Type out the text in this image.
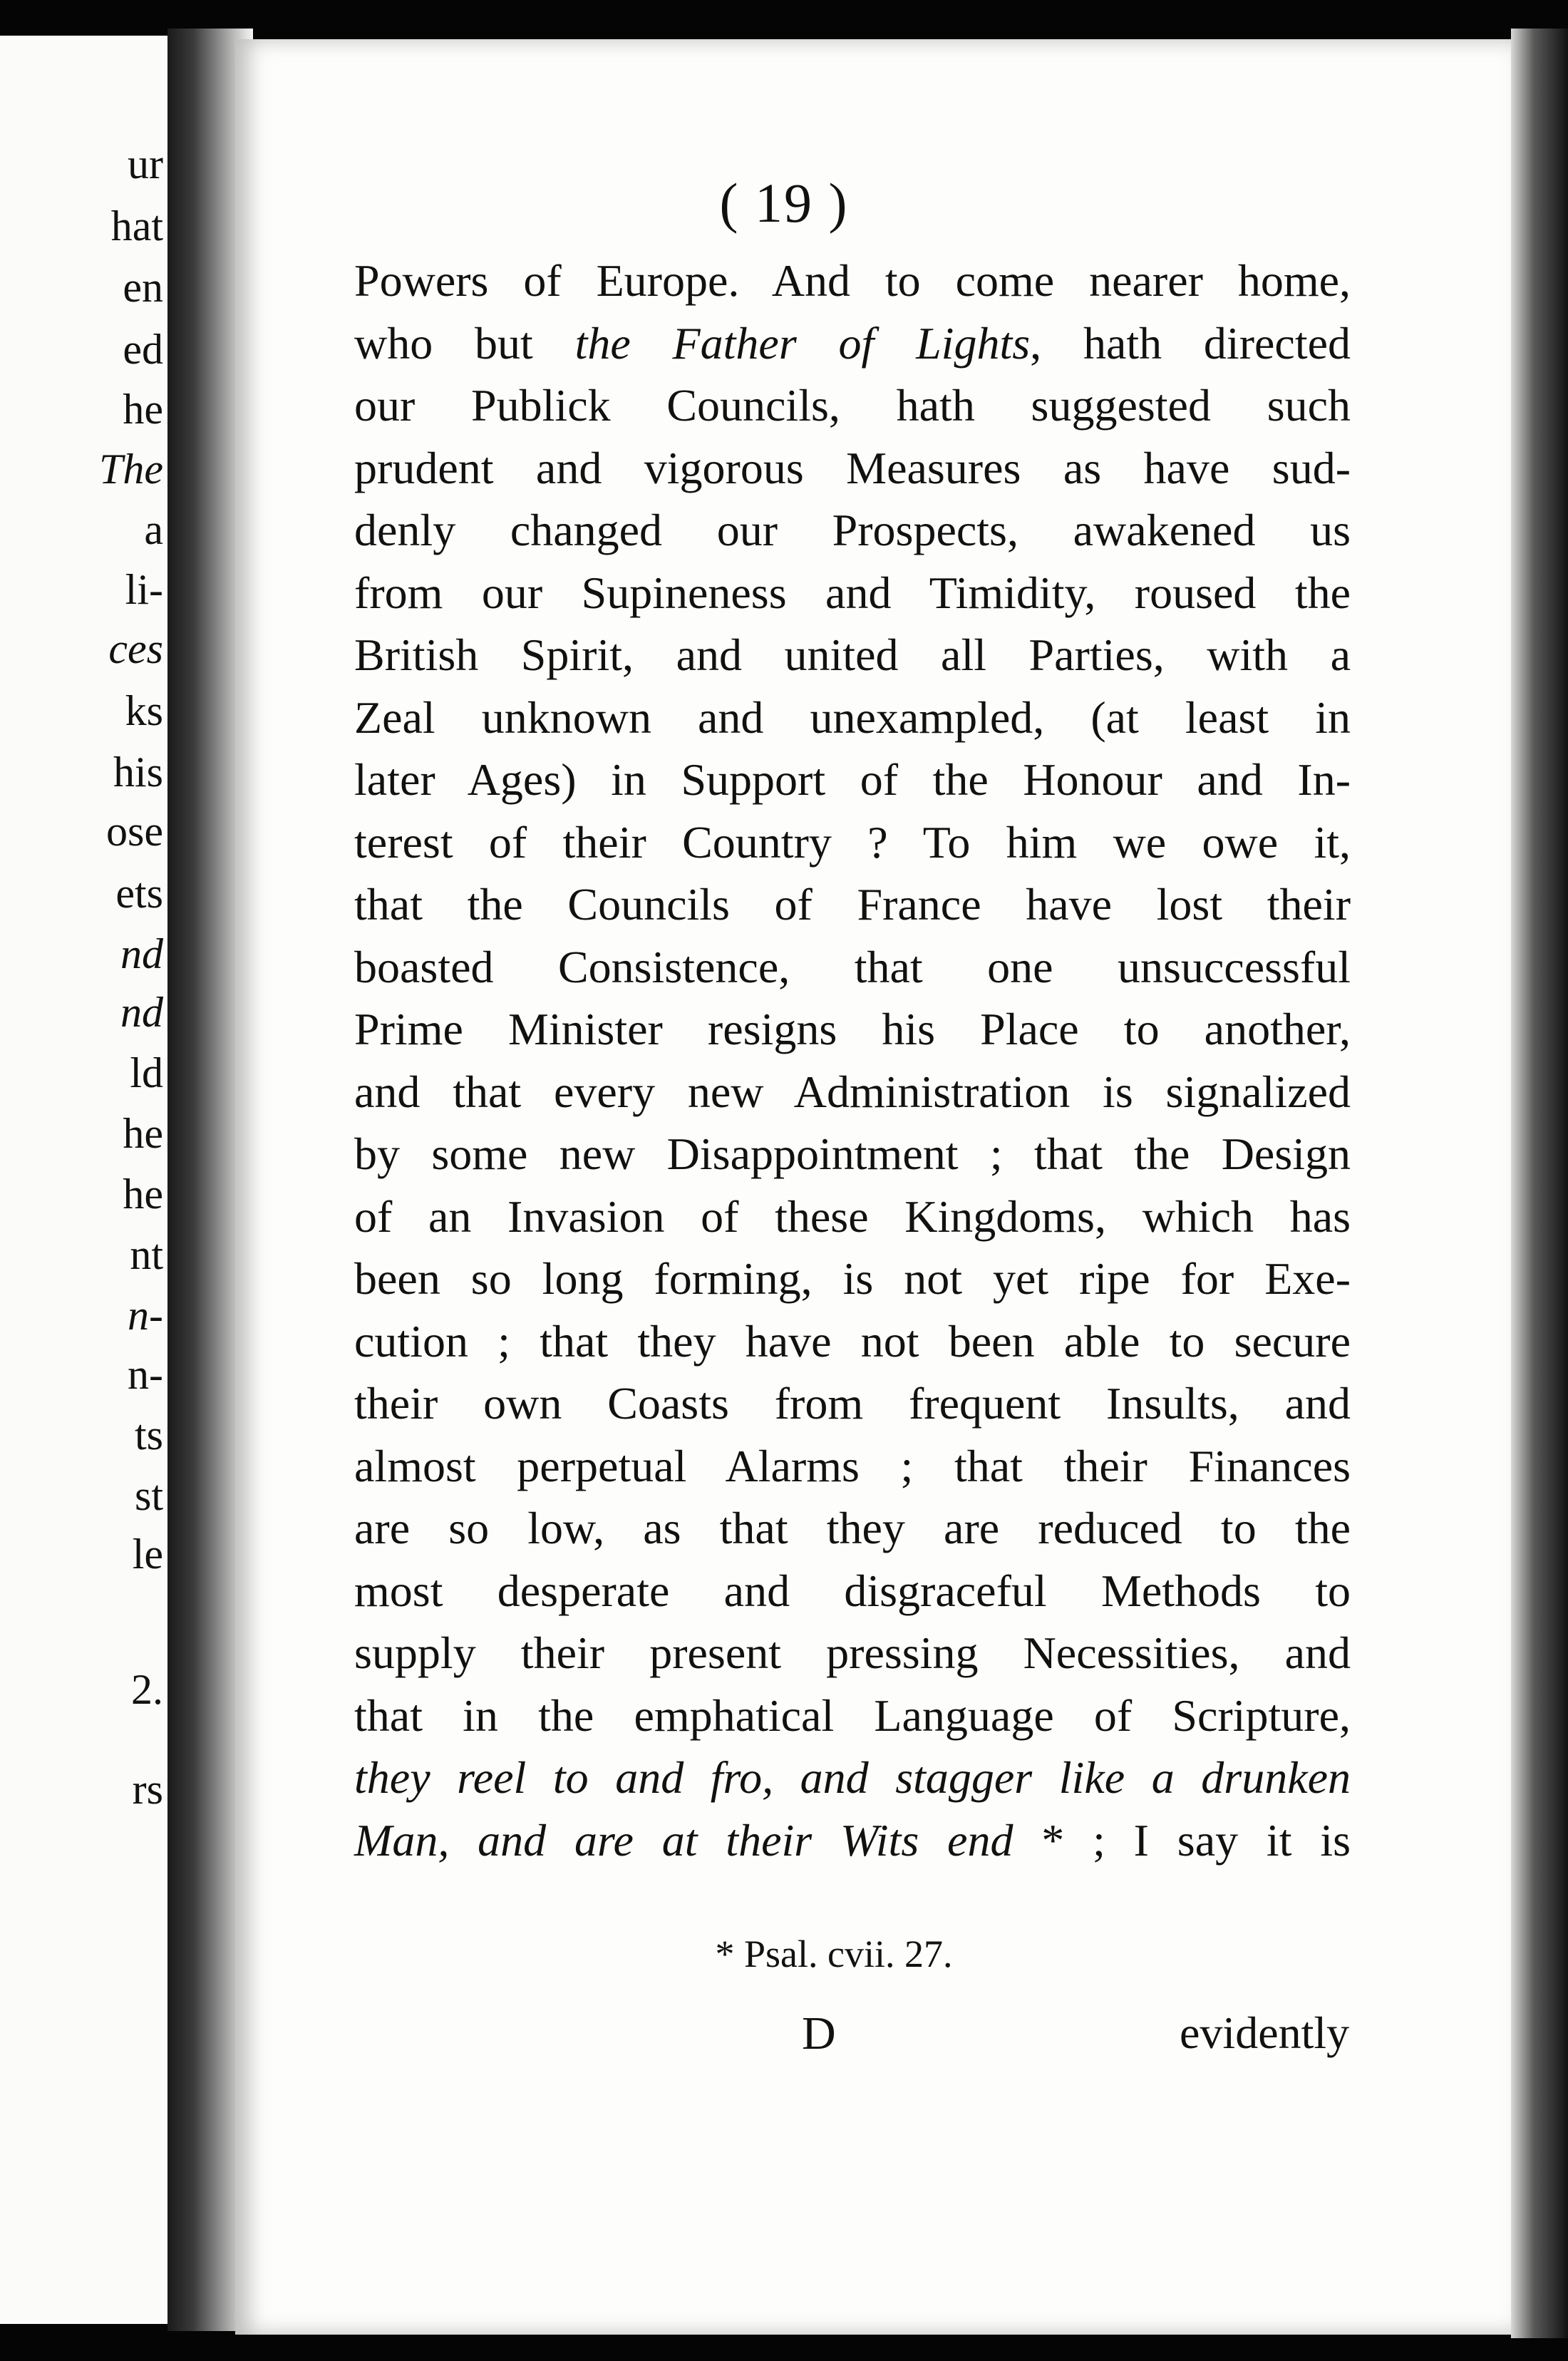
ur
hat
en
ed
he
The
a
li-
ces
ks
his
ose
ets
nd
nd
ld
he
he
nt
n-
n-
ts
st
le
2.
rs
( 19 )
Powers of Europe. And to come nearer home,
who but the Father of Lights, hath directed
our Publick Councils, hath suggested such
prudent and vigorous Measures as have sud-
denly changed our Prospects, awakened us
from our Supineness and Timidity, roused the
British Spirit, and united all Parties, with a
Zeal unknown and unexampled, (at least in
later Ages) in Support of the Honour and In-
terest of their Country ? To him we owe it,
that the Councils of France have lost their
boasted Consistence, that one unsuccessful
Prime Minister resigns his Place to another,
and that every new Administration is signalized
by some new Disappointment ; that the Design
of an Invasion of these Kingdoms, which has
been so long forming, is not yet ripe for Exe-
cution ; that they have not been able to secure
their own Coasts from frequent Insults, and
almost perpetual Alarms ; that their Finances
are so low, as that they are reduced to the
most desperate and disgraceful Methods to
supply their present pressing Necessities, and
that in the emphatical Language of Scripture,
they reel to and fro, and stagger like a drunken
Man, and are at their Wits end * ; I say it is
* Psal. cvii. 27.
D	evidently
